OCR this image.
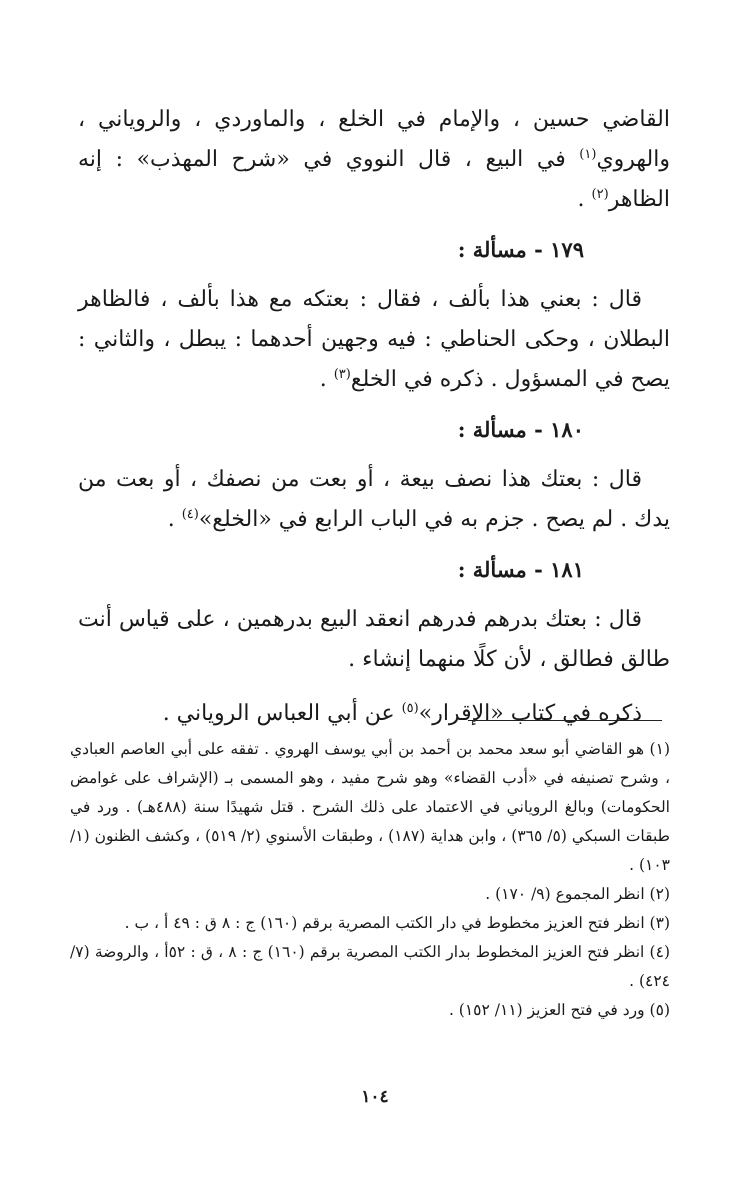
القاضي حسين ، والإمام في الخلع ، والماوردي ، والروياني ، والهروي$^{(١)}$ في البيع ، قال النووي في «شرح المهذب» : إنه الظاهر$^{(٢)}$ .

١٧٩ - مسألة :

قال : بعني هذا بألف ، فقال : بعتكه مع هذا بألف ، فالظاهر البطلان ، وحكى الحناطي : فيه وجهين أحدهما : يبطل ، والثاني : يصح في المسؤول . ذكره في الخلع$^{(٣)}$ .

١٨٠ - مسألة :

قال : بعتك هذا نصف بيعة ، أو بعت من نصفك ، أو بعت من يدك . لم يصح . جزم به في الباب الرابع في «الخلع»$^{(٤)}$ .

١٨١ - مسألة :

قال : بعتك بدرهم فدرهم انعقد البيع بدرهمين ، على قياس أنت طالق فطالق ، لأن كلًا منهما إنشاء .

ذكره في كتاب «الإقرار»$^{(٥)}$ عن أبي العباس الروياني .

(١) هو القاضي أبو سعد محمد بن أحمد بن أبي يوسف الهروي . تفقه على أبي العاصم العبادي ، وشرح تصنيفه في «أدب القضاء» وهو شرح مفيد ، وهو المسمى بـ (الإشراف على غوامض الحكومات) وبالغ الروياني في الاعتماد على ذلك الشرح . قتل شهيدًا سنة (٤٨٨هـ) . ورد في طبقات السبكي (٥/ ٣٦٥) ، وابن هداية (١٨٧) ، وطبقات الأسنوي (٢/ ٥١٩) ، وكشف الظنون (١/ ١٠٣) .

(٢) انظر المجموع (٩/ ١٧٠) .

(٣) انظر فتح العزيز مخطوط في دار الكتب المصرية برقم (١٦٠) ج : ٨ ق : ٤٩ أ ، ب .

(٤) انظر فتح العزيز المخطوط بدار الكتب المصرية برقم (١٦٠) ج : ٨ ، ق : ٥٢أ ، والروضة (٧/ ٤٢٤) .

(٥) ورد في فتح العزيز (١١/ ١٥٢) .

١٠٤
